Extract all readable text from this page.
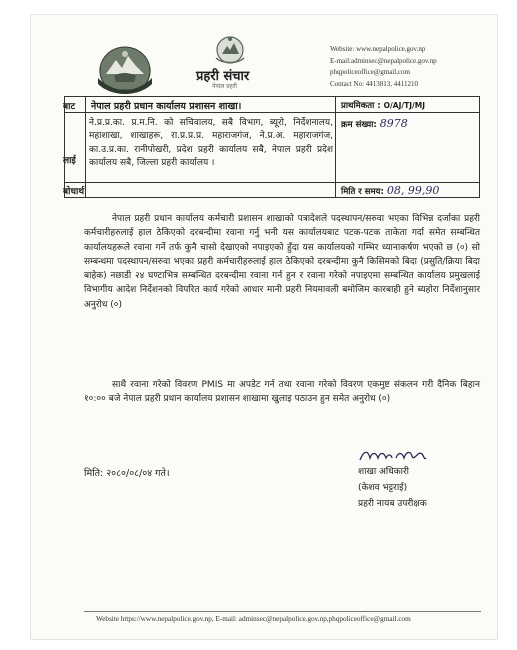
प्रहरी संचार
नेपाल प्रहरी
Website: www.nepalpolice.gov.np
E-mail:adminsec@nepalpolice.gov.np
phqpoliceoffice@gmail.com
Contact No: 4413813, 4411210
बाट नेपाल प्रहरी प्रधान कार्यालय प्रशासन शाखा।
लाई
ने.प्र.प्र.का. प्र.म.नि. को सचिवालय, सबै विभाग, ब्यूरो, निर्देशनालय, महाशाखा, शाखाहरू, रा.प्र.प्र.प्र. महाराजगंज, ने.प्र.अ. महाराजगंज, का.उ.प्र.का. रानीपोखरी, प्रदेश प्रहरी कार्यालय सबै, नेपाल प्रहरी प्रदेश कार्यालय सबै, जिल्ला प्रहरी कार्यालय ।
बोधार्थ
प्राथमिकता : O/AJ/TJ/MJ
क्रम संख्या: 8978
मिति र समय: 08, 99,90
नेपाल प्रहरी प्रधान कार्यालय कर्मचारी प्रशासन शाखाको पत्रादेशले पदस्थापन/सरुवा भएका विभिन्न दर्जाका प्रहरी कर्मचारीहरुलाई हाल ठेकिएको दरबन्दीमा रवाना गर्नु भनी यस कार्यालयबाट पटक-पटक ताकेता गर्दा समेत सम्बन्धित कार्यालयहरूले रवाना गर्ने तर्फ कुनै चासो देखाएको नपाइएको हुँदा यस कार्यालयको गम्भिर ध्यानाकर्षण भएको छ (०) सो सम्बन्धमा पदस्थापन/सरुवा भएका प्रहरी कर्मचारीहरुलाई हाल ठेकिएको दरबन्दीमा कुनै किसिमको बिदा (प्रसुति/क्रिया बिदा बाहेक) नछाडी २४ घण्टाभित्र सम्बन्धित दरबन्दीमा रवाना गर्न हुन र रवाना गरेको नपाइएमा सम्बन्धित कार्यालय प्रमुखलाई विभागीय आदेश निर्देशनको विपरित कार्य गरेको आधार मानी प्रहरी नियमावली बमोजिम कारबाही हुने ब्यहोरा निर्देशानुसार अनुरोध (०)
साथै रवाना गरेको विवरण PMIS मा अपडेट गर्न तथा रवाना गरेको विवरण एकमुष्ट संकलन गरी दैनिक बिहान १०:०० बजे नेपाल प्रहरी प्रधान कार्यालय प्रशासन शाखामा खुलाइ पठाउन हुन समेत अनुरोध (०)
मिति: २०८०/०८/०४ गते।	शाखा अधिकारी
(केशव भट्टराई)
प्रहरी नायब उपरीक्षक
Website https://www.nepalpolice.gov.np, E-mail: adminsec@nepalpolice.gov.np,phqpoliceoffice@gmail.com
